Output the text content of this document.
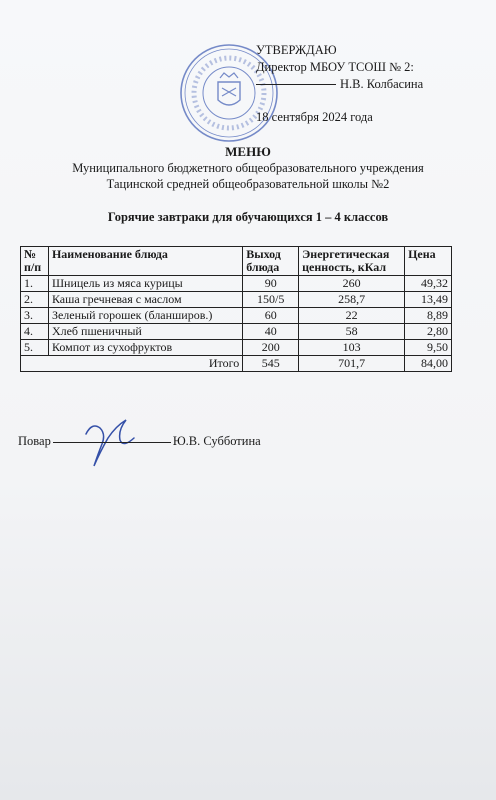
УТВЕРЖДАЮ
Директор МБОУ ТСОШ № 2:
Н.В. Колбасина
18 сентября 2024 года
МЕНЮ
Муниципального бюджетного общеобразовательного учреждения
Тацинской средней общеобразовательной школы №2
Горячие завтраки для обучающихся 1 – 4 классов
№ п/п	Наименование блюда	Выход блюда	Энергетическая ценность, кКал	Цена
1.	Шницель из мяса курицы	90	260	49,32
2.	Каша гречневая с маслом	150/5	258,7	13,49
3.	Зеленый горошек (бланширов.)	60	22	8,89
4.	Хлеб пшеничный	40	58	2,80
5.	Компот из сухофруктов	200	103	9,50
Итого		545	701,7	84,00
Повар	Ю.В. Субботина
